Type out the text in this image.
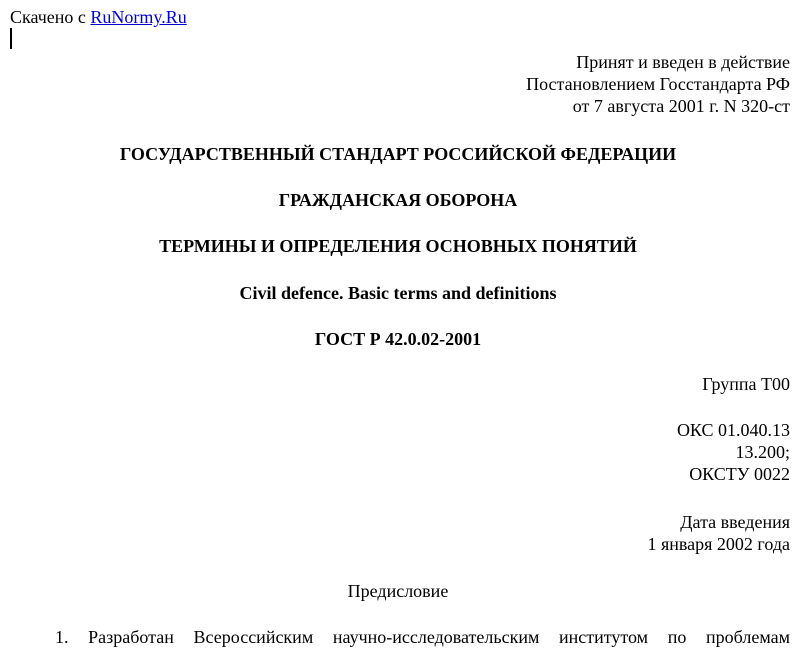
Скачено с RuNormy.Ru
Принят и введен в действие
Постановлением Госстандарта РФ
от 7 августа 2001 г. N 320-ст
ГОСУДАРСТВЕННЫЙ СТАНДАРТ РОССИЙСКОЙ ФЕДЕРАЦИИ
ГРАЖДАНСКАЯ ОБОРОНА
ТЕРМИНЫ И ОПРЕДЕЛЕНИЯ ОСНОВНЫХ ПОНЯТИЙ
Civil defence. Basic terms and definitions
ГОСТ Р 42.0.02-2001
Группа Т00
ОКС 01.040.13
13.200;
ОКСТУ 0022
Дата введения
1 января 2002 года
Предисловие
1. Разработан Всероссийским научно-исследовательским институтом по проблемам
